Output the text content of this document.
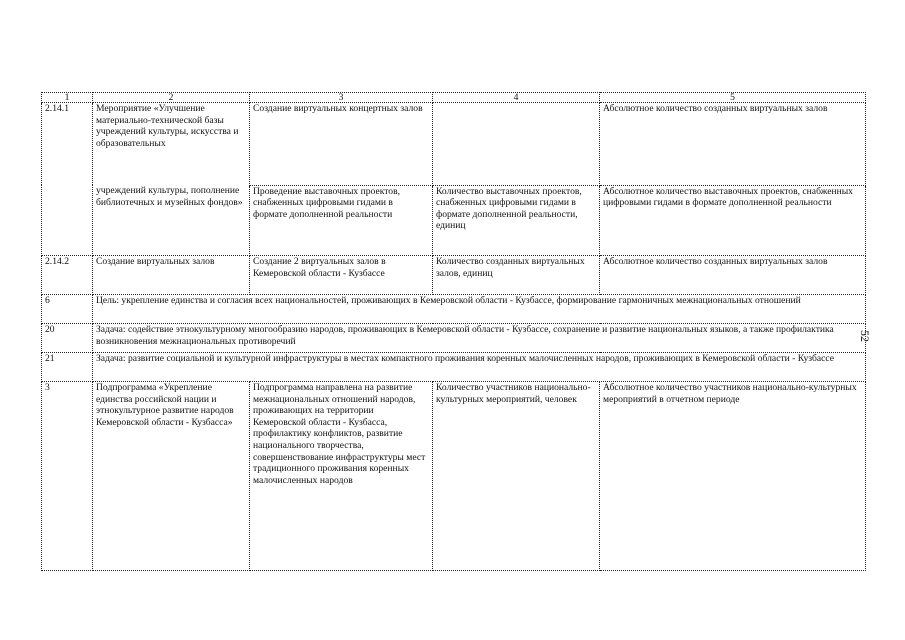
1	2	3	4	5
2.14.1	Мероприятие «Улучшение материально-технической базы учреждений культуры, искусства и образовательных	Создание виртуальных концертных залов		Абсолютное количество созданных виртуальных залов
	учреждений культуры, пополнение библиотечных и музейных фондов»	Проведение выставочных проектов, снабженных цифровыми гидами в формате дополненной реальности	Количество выставочных проектов, снабженных цифровыми гидами в формате дополненной реальности, единиц	Абсолютное количество выставочных проектов, снабженных цифровыми гидами в формате дополненной реальности
2.14.2	Создание виртуальных залов	Создание 2 виртуальных залов в Кемеровской области - Кузбассе	Количество созданных виртуальных залов, единиц	Абсолютное количество созданных виртуальных залов
6	Цель: укрепление единства и согласия всех национальностей, проживающих в Кемеровской области - Кузбассе, формирование гармоничных межнациональных отношений			
20	Задача: содействие этнокультурному многообразию народов, проживающих в Кемеровской области - Кузбассе, сохранение и развитие национальных языков, а также профилактика возникновения межнациональных противоречий			
21	Задача: развитие социальной и культурной инфраструктуры в местах компактного проживания коренных малочисленных народов, проживающих в Кемеровской области - Кузбассе			
3	Подпрограмма «Укрепление единства российской нации и этнокультурное развитие народов Кемеровской области - Кузбасса»	Подпрограмма направлена на развитие межнациональных отношений народов, проживающих на территории Кемеровской области - Кузбасса, профилактику конфликтов, развитие национального творчества, совершенствование инфраструктуры мест традиционного проживания коренных малочисленных народов	Количество участников национально-культурных мероприятий, человек	Абсолютное количество участников национально-культурных мероприятий в отчетном периоде
52
